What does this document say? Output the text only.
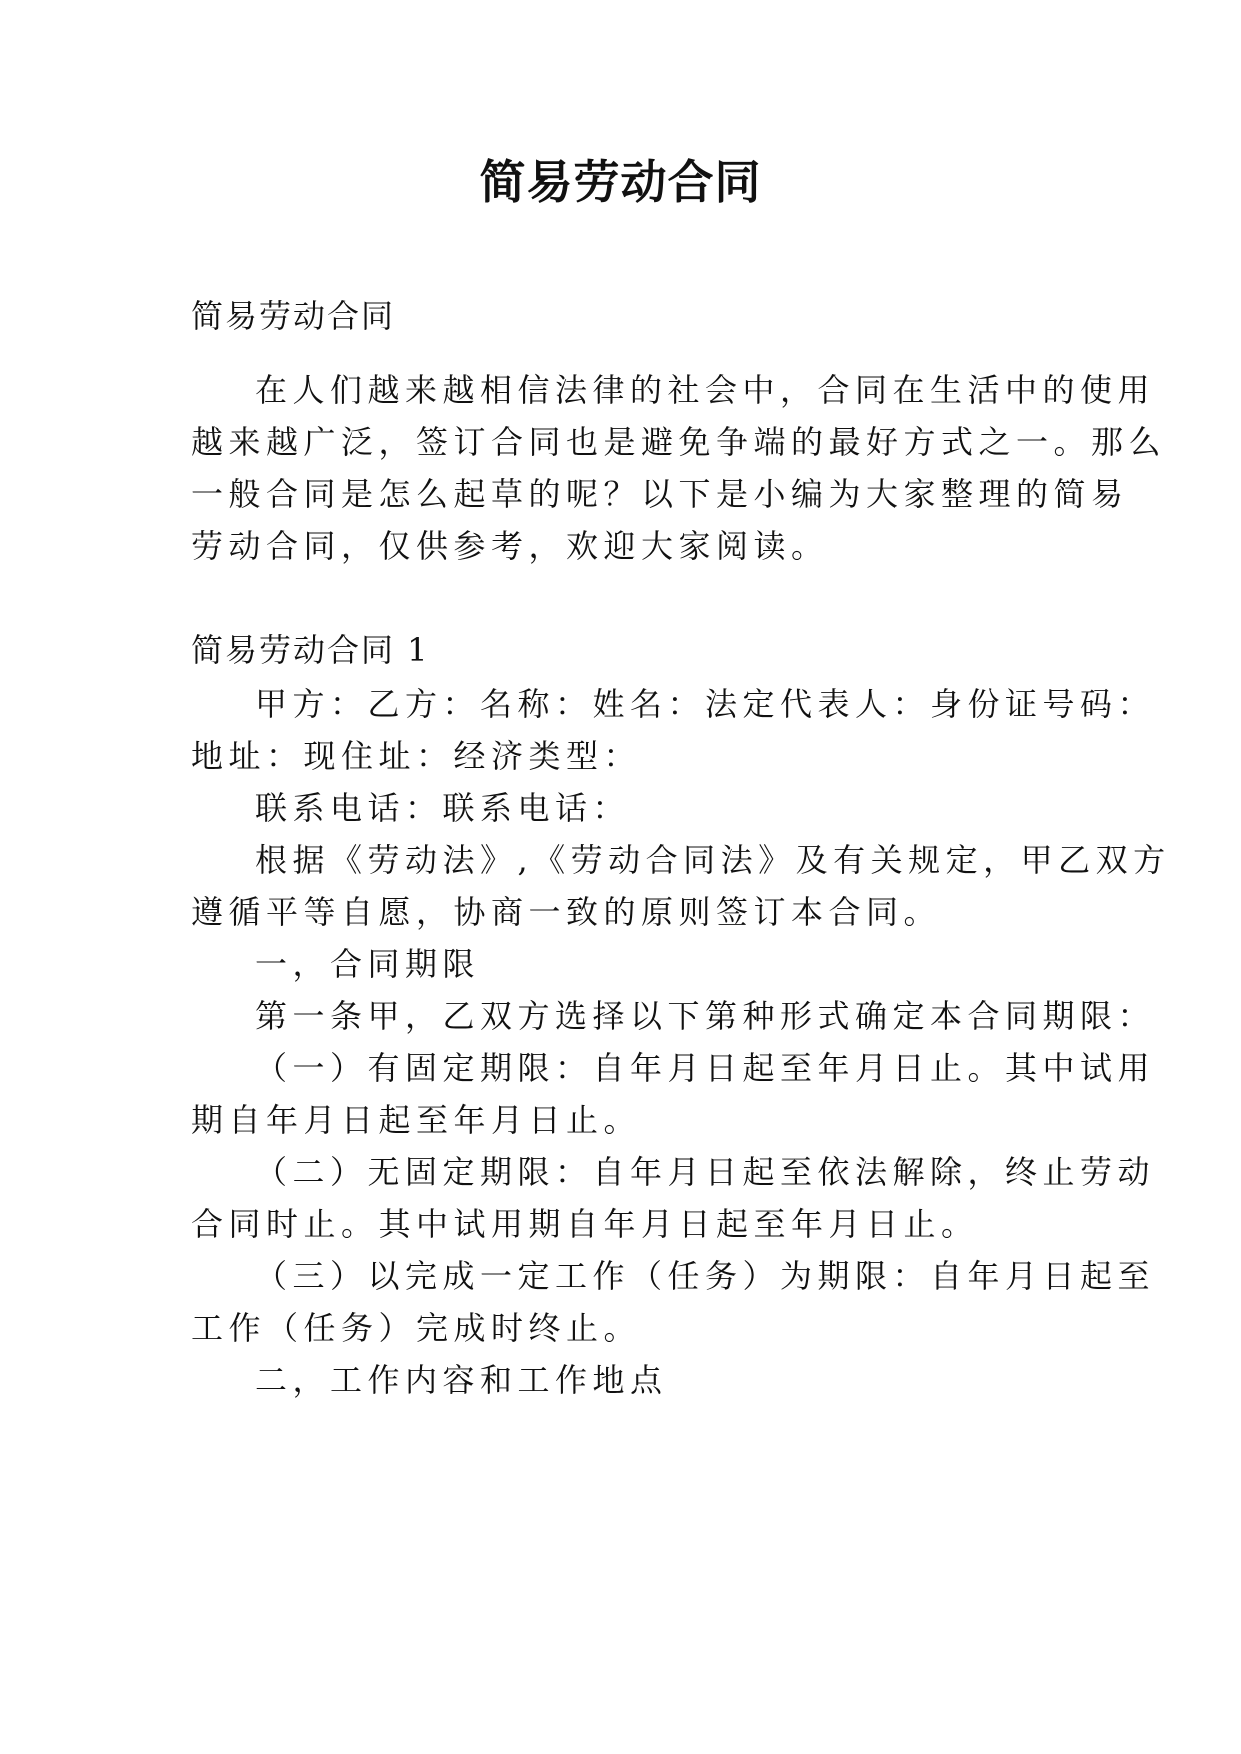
简易劳动合同
简易劳动合同
在人们越来越相信法律的社会中，合同在生活中的使用
越来越广泛，签订合同也是避免争端的最好方式之一。那么
一般合同是怎么起草的呢？以下是小编为大家整理的简易
劳动合同，仅供参考，欢迎大家阅读。
简易劳动合同 1
甲方：乙方：名称：姓名：法定代表人：身份证号码：
地址：现住址：经济类型：
联系电话：联系电话：
根据《劳动法》,《劳动合同法》及有关规定，甲乙双方
遵循平等自愿，协商一致的原则签订本合同。
一，合同期限
第一条甲，乙双方选择以下第种形式确定本合同期限：
（一）有固定期限：自年月日起至年月日止。其中试用
期自年月日起至年月日止。
（二）无固定期限：自年月日起至依法解除，终止劳动
合同时止。其中试用期自年月日起至年月日止。
（三）以完成一定工作（任务）为期限：自年月日起至
工作（任务）完成时终止。
二，工作内容和工作地点
